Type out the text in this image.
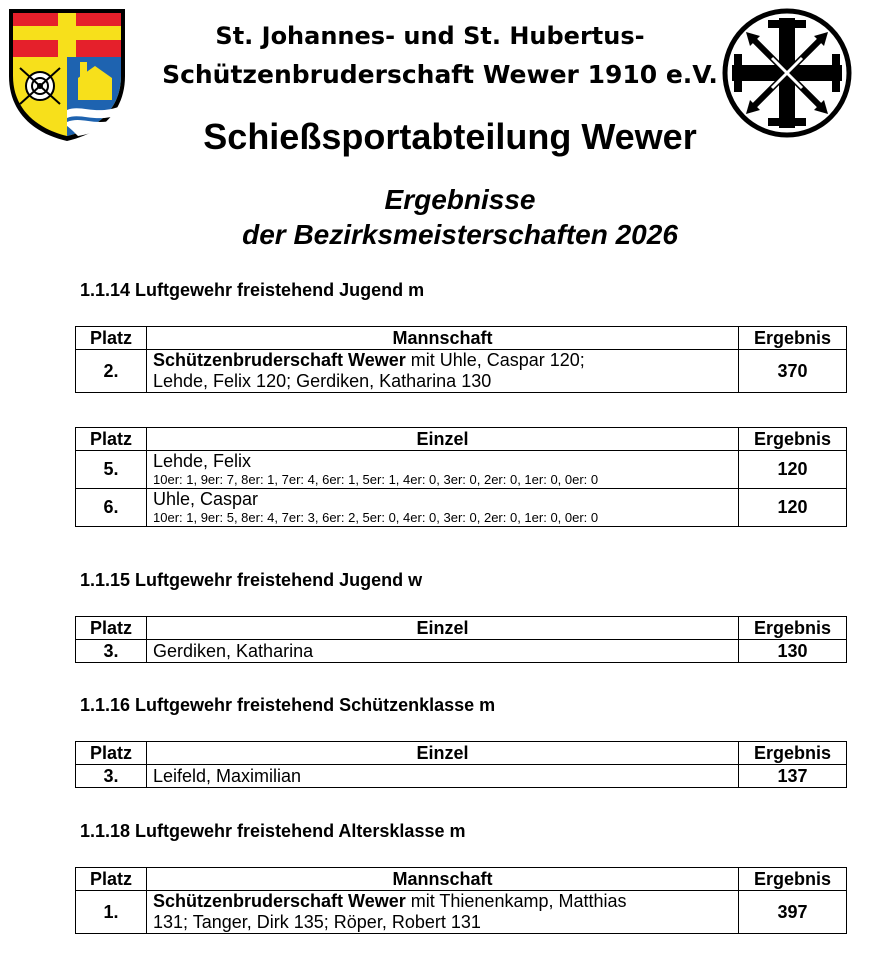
St. Johannes- und St. Hubertus-
Schützenbruderschaft Wewer 1910 e.V.
Schießsportabteilung Wewer
Ergebnisse
der Bezirksmeisterschaften 2026
1.1.14 Luftgewehr freistehend Jugend m
Platz	Mannschaft	Ergebnis
2.	Schützenbruderschaft Wewer mit Uhle, Caspar 120;
Lehde, Felix 120; Gerdiken, Katharina 130	370
Platz	Einzel	Ergebnis
5.	Lehde, Felix
10er: 1, 9er: 7, 8er: 1, 7er: 4, 6er: 1, 5er: 1, 4er: 0, 3er: 0, 2er: 0, 1er: 0, 0er: 0	120
6.	Uhle, Caspar
10er: 1, 9er: 5, 8er: 4, 7er: 3, 6er: 2, 5er: 0, 4er: 0, 3er: 0, 2er: 0, 1er: 0, 0er: 0	120
1.1.15 Luftgewehr freistehend Jugend w
Platz	Einzel	Ergebnis
3.	Gerdiken, Katharina	130
1.1.16 Luftgewehr freistehend Schützenklasse m
Platz	Einzel	Ergebnis
3.	Leifeld, Maximilian	137
1.1.18 Luftgewehr freistehend Altersklasse m
Platz	Mannschaft	Ergebnis
1.	Schützenbruderschaft Wewer mit Thienenkamp, Matthias
131; Tanger, Dirk 135; Röper, Robert 131	397
